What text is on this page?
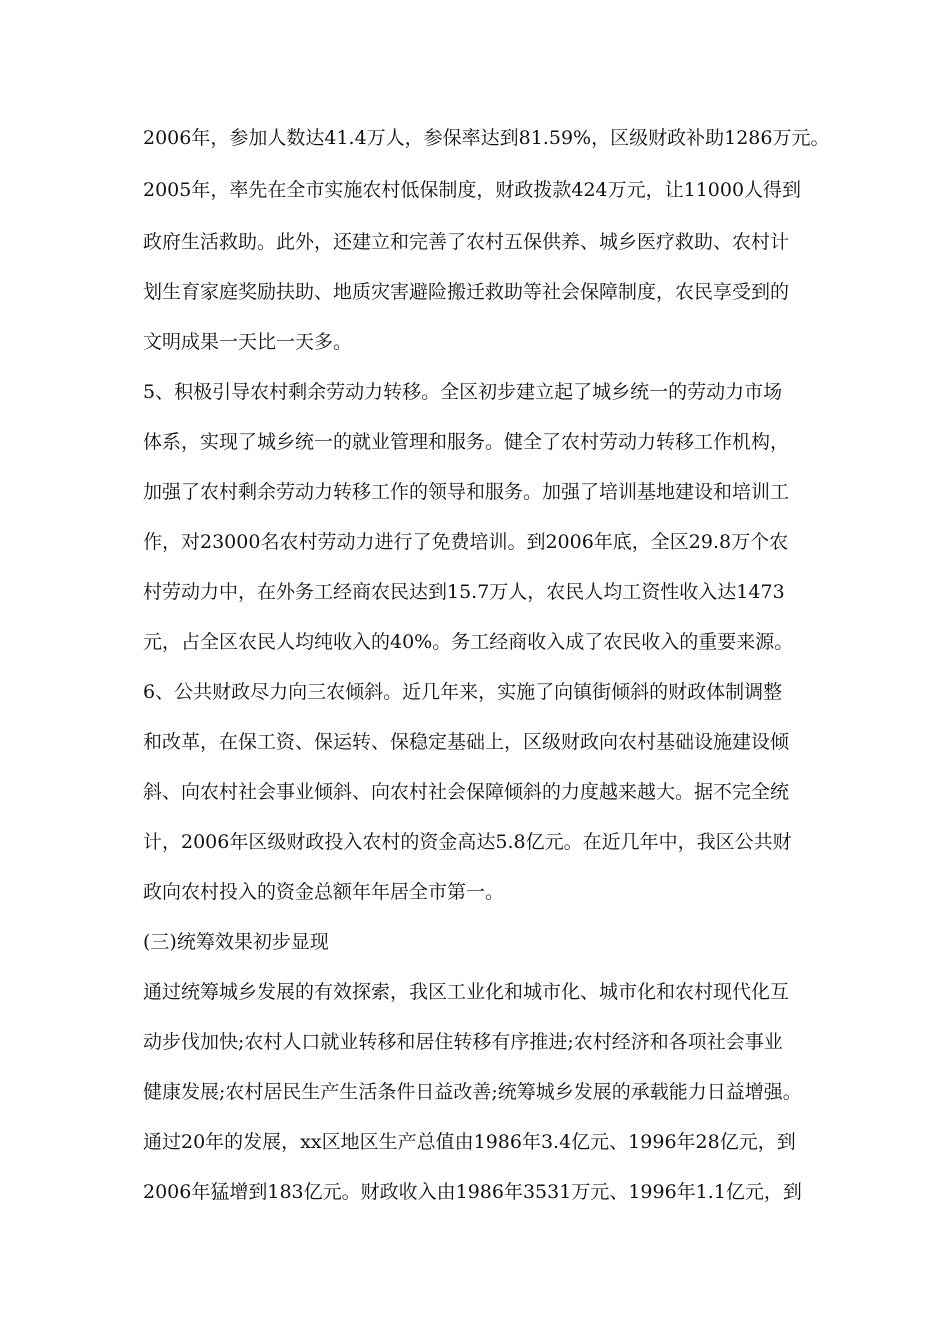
2006年，参加人数达41.4万人，参保率达到81.59%，区级财政补助1286万元。
2005年，率先在全市实施农村低保制度，财政拨款424万元，让11000人得到
政府生活救助。此外，还建立和完善了农村五保供养、城乡医疗救助、农村计
划生育家庭奖励扶助、地质灾害避险搬迁救助等社会保障制度，农民享受到的
文明成果一天比一天多。
5、积极引导农村剩余劳动力转移。全区初步建立起了城乡统一的劳动力市场
体系，实现了城乡统一的就业管理和服务。健全了农村劳动力转移工作机构，
加强了农村剩余劳动力转移工作的领导和服务。加强了培训基地建设和培训工
作，对23000名农村劳动力进行了免费培训。到2006年底，全区29.8万个农
村劳动力中，在外务工经商农民达到15.7万人，农民人均工资性收入达1473
元，占全区农民人均纯收入的40%。务工经商收入成了农民收入的重要来源。
6、公共财政尽力向三农倾斜。近几年来，实施了向镇街倾斜的财政体制调整
和改革，在保工资、保运转、保稳定基础上，区级财政向农村基础设施建设倾
斜、向农村社会事业倾斜、向农村社会保障倾斜的力度越来越大。据不完全统
计，2006年区级财政投入农村的资金高达5.8亿元。在近几年中，我区公共财
政向农村投入的资金总额年年居全市第一。
(三)统筹效果初步显现
通过统筹城乡发展的有效探索，我区工业化和城市化、城市化和农村现代化互
动步伐加快;农村人口就业转移和居住转移有序推进;农村经济和各项社会事业
健康发展;农村居民生产生活条件日益改善;统筹城乡发展的承载能力日益增强。
通过20年的发展，xx区地区生产总值由1986年3.4亿元、1996年28亿元，到
2006年猛增到183亿元。财政收入由1986年3531万元、1996年1.1亿元，到
